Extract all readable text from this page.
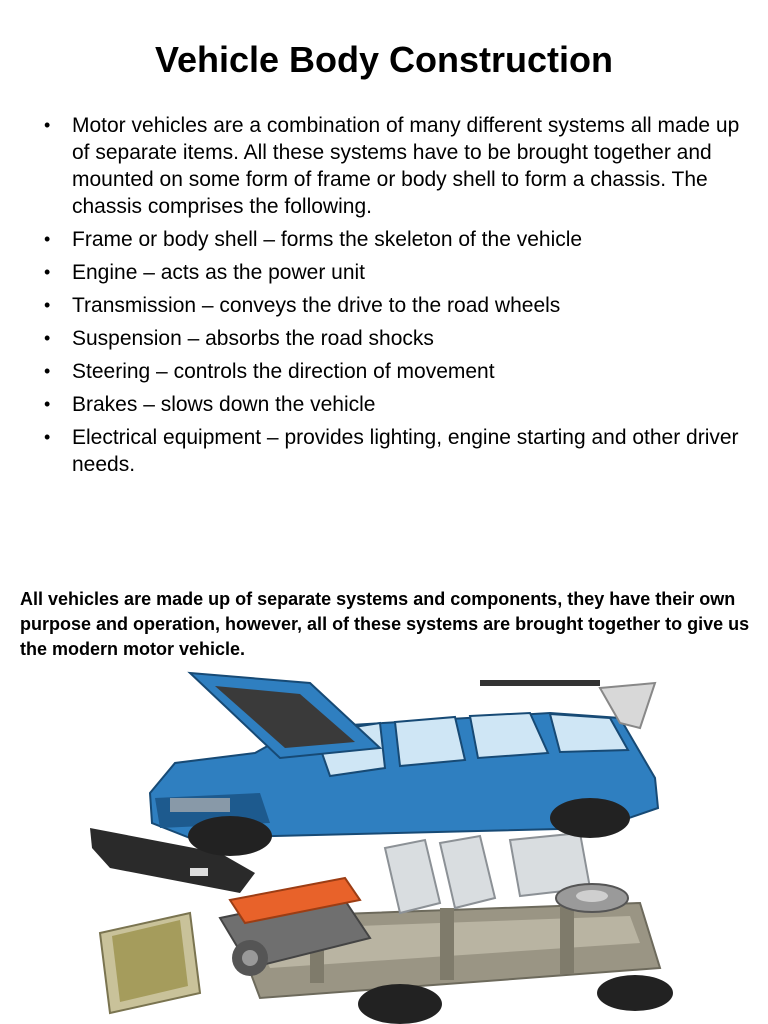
Vehicle Body Construction
• Motor vehicles are a combination of many different systems all made up of separate items. All these systems have to be brought together and mounted on some form of frame or body shell to form a chassis. The chassis comprises the following.
• Frame or body shell – forms the skeleton of the vehicle
• Engine – acts as the power unit
• Transmission – conveys the drive to the road wheels
• Suspension – absorbs the road shocks
• Steering – controls the direction of movement
• Brakes – slows down the vehicle
• Electrical equipment – provides lighting, engine starting and other driver needs.

All vehicles are made up of separate systems and components, they have their own purpose and operation, however, all of these systems are brought together to give us the modern motor vehicle.
